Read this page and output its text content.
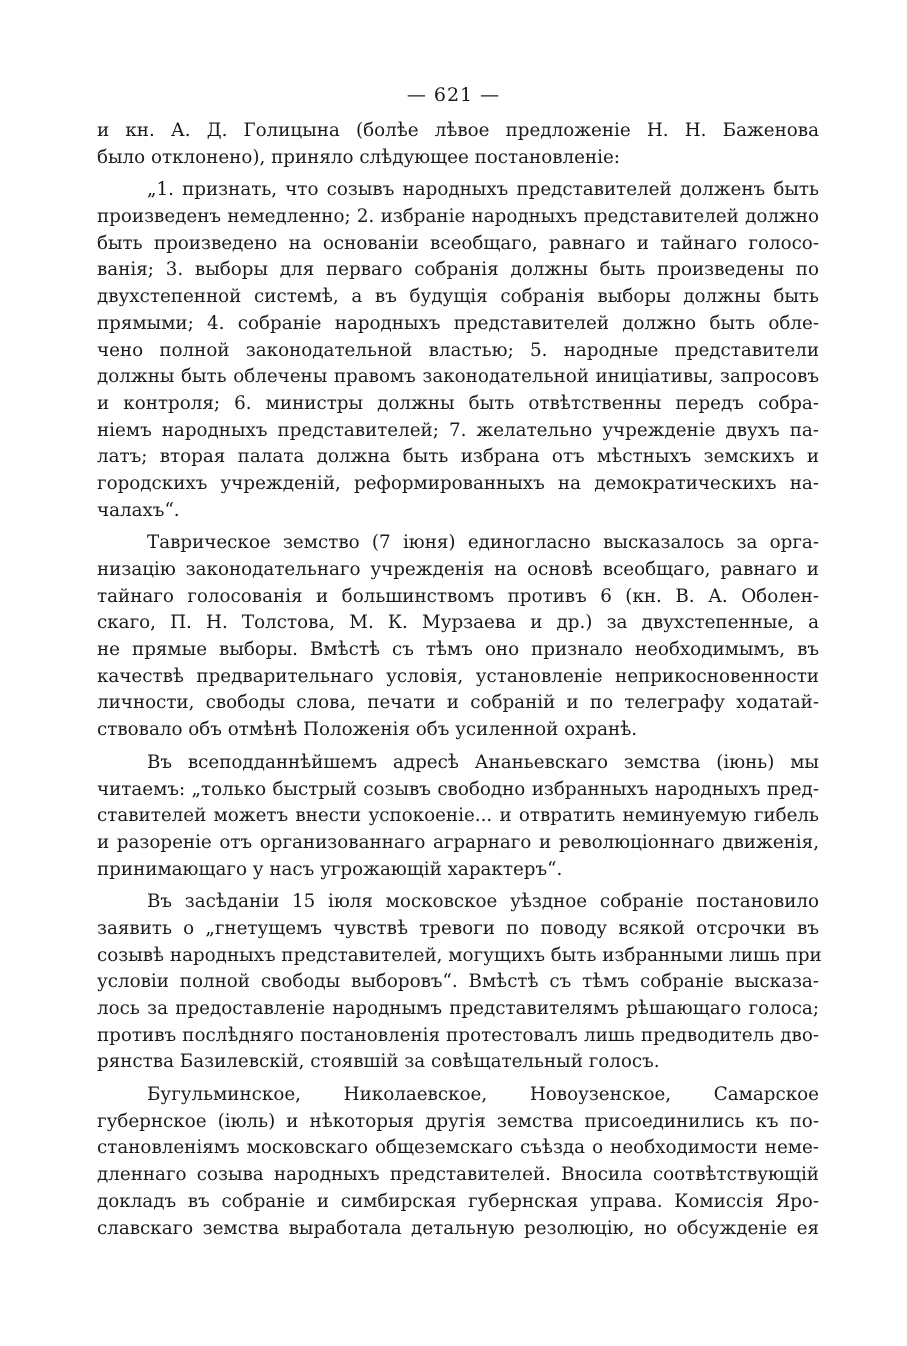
— 621 —
и кн. А. Д. Голицына (болѣе лѣвое предложеніе Н. Н. Баженова
было отклонено), приняло слѣдующее постановленіе:
„1. признать, что созывъ народныхъ представителей долженъ быть
произведенъ немедленно; 2. избраніе народныхъ представителей должно
быть произведено на основаніи всеобщаго, равнаго и тайнаго голосо-
ванія; 3. выборы для перваго собранія должны быть произведены по
двухстепенной системѣ, а въ будущія собранія выборы должны быть
прямыми; 4. собраніе народныхъ представителей должно быть обле-
чено полной законодательной властью; 5. народные представители
должны быть облечены правомъ законодательной иниціативы, запросовъ
и контроля; 6. министры должны быть отвѣтственны передъ собра-
ніемъ народныхъ представителей; 7. желательно учрежденіе двухъ па-
латъ; вторая палата должна быть избрана отъ мѣстныхъ земскихъ и
городскихъ учрежденій, реформированныхъ на демократическихъ на-
чалахъ“.
Таврическое земство (7 іюня) единогласно высказалось за орга-
низацію законодательнаго учрежденія на основѣ всеобщаго, равнаго и
тайнаго голосованія и большинствомъ противъ 6 (кн. В. А. Оболен-
скаго, П. Н. Толстова, М. К. Мурзаева и др.) за двухстепенные, а
не прямые выборы. Вмѣстѣ съ тѣмъ оно признало необходимымъ, въ
качествѣ предварительнаго условія, установленіе неприкосновенности
личности, свободы слова, печати и собраній и по телеграфу ходатай-
ствовало объ отмѣнѣ Положенія объ усиленной охранѣ.
Въ всеподданнѣйшемъ адресѣ Ананьевскаго земства (іюнь) мы
читаемъ: „только быстрый созывъ свободно избранныхъ народныхъ пред-
ставителей можетъ внести успокоеніе... и отвратить неминуемую гибель
и разореніе отъ организованнаго аграрнаго и революціоннаго движенія,
принимающаго у насъ угрожающій характеръ“.
Въ засѣданіи 15 іюля московское уѣздное собраніе постановило
заявить о „гнетущемъ чувствѣ тревоги по поводу всякой отсрочки въ
созывѣ народныхъ представителей, могущихъ быть избранными лишь при
условіи полной свободы выборовъ“. Вмѣстѣ съ тѣмъ собраніе высказа-
лось за предоставленіе народнымъ представителямъ рѣшающаго голоса;
противъ послѣдняго постановленія протестовалъ лишь предводитель дво-
рянства Базилевскій, стоявшій за совѣщательный голосъ.
Бугульминское, Николаевское, Новоузенское, Самарское
губернское (іюль) и нѣкоторыя другія земства присоединились къ по-
становленіямъ московскаго общеземскаго съѣзда о необходимости неме-
дленнаго созыва народныхъ представителей. Вносила соотвѣтствующій
докладъ въ собраніе и симбирская губернская управа. Комиссія Яро-
славскаго земства выработала детальную резолюцію, но обсужденіе ея
